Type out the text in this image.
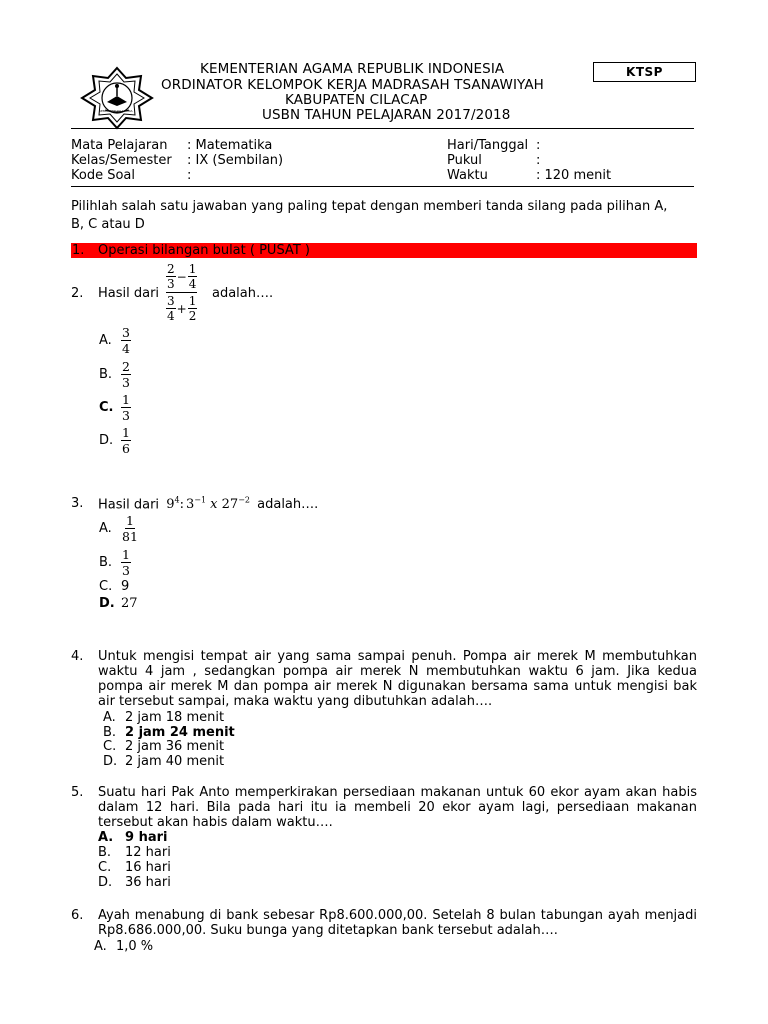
KEMENTERIAN AGAMA
KEMENTERIAN AGAMA REPUBLIK INDONESIA
ORDINATOR KELOMPOK KERJA MADRASAH TSANAWIYAH
KABUPATEN CILACAP
USBN TAHUN PELAJARAN 2017/2018
KTSP
Mata Pelajaran : Matematika
Kelas/Semester : IX (Sembilan)
Kode Soal	:
Hari/Tanggal :
Pukul	:
Waktu	: 120 menit
Pilihlah salah satu jawaban yang paling tepat dengan memberi tanda silang pada pilihan A,
B, C atau D
1. Operasi bilangan bulat ( PUSAT )
2. Hasil dari $\frac{\frac{2}{3} - \frac{1}{4}}{\frac{3}{4} + \frac{1}{2}}$ adalah….
A. $\frac{3}{4}$
B. $\frac{2}{3}$
C. $\frac{1}{3}$
D. $\frac{1}{6}$
3. Hasil dari $9^4$: $3^{-1}$ x $27^{-2}$ adalah….
A. $\frac{1}{81}$
B. $\frac{1}{3}$
C. 9
D. 27
4. Untuk mengisi tempat air yang sama sampai penuh. Pompa air merek M membutuhkan waktu 4 jam , sedangkan pompa air merek N membutuhkan waktu 6 jam. Jika kedua pompa air merek M dan pompa air merek N digunakan bersama sama untuk mengisi bak air tersebut sampai, maka waktu yang dibutuhkan adalah….
A. 2 jam 18 menit
B. 2 jam 24 menit
C. 2 jam 36 menit
D. 2 jam 40 menit
5. Suatu hari Pak Anto memperkirakan persediaan makanan untuk 60 ekor ayam akan habis dalam 12 hari. Bila pada hari itu ia membeli 20 ekor ayam lagi, persediaan makanan tersebut akan habis dalam waktu….
A. 9 hari
B. 12 hari
C. 16 hari
D. 36 hari
6. Ayah menabung di bank sebesar Rp8.600.000,00. Setelah 8 bulan tabungan ayah menjadi Rp8.686.000,00. Suku bunga yang ditetapkan bank tersebut adalah….
A. 1,0 %
